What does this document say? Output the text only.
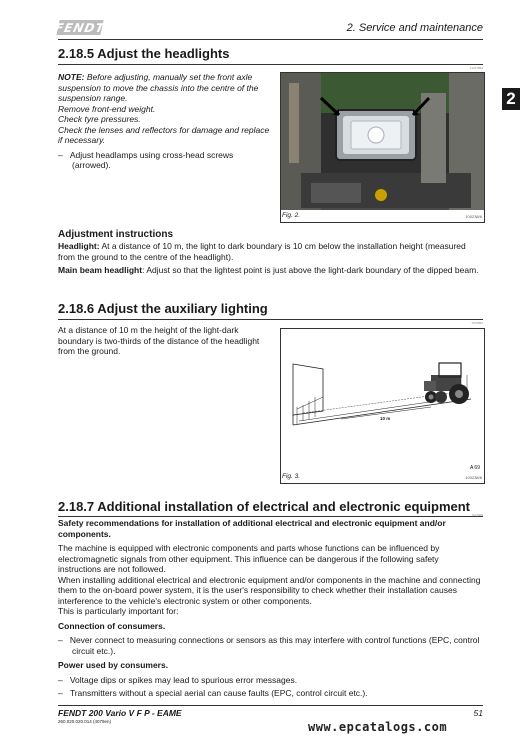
FENDT	2. Service and maintenance
2
2.18.5 Adjust the headlights
7107786a
NOTE: Before adjusting, manually set the front axle suspension to move the chassis into the centre of the suspension range.
Remove front-end weight.
Check tyre pressures.
Check the lenses and reflectors for damage and replace if necessary.
–   Adjust headlamps using cross-head screws (arrowed).
Fig. 2.	100238/6
Adjustment instructions
Headlight: At a distance of 10 m, the light to dark boundary is 10 cm below the installation height (measured from the ground to the centre of the headlight).
Main beam headlight: Adjust so that the lightest point is just above the light-dark boundary of the dipped beam.
2.18.6 Adjust the auxiliary lighting
7107862
At a distance of 10 m the height of the light-dark boundary is two-thirds of the distance of the headlight from the ground.
10 m
Fig. 3.
A 69
100238/8
2.18.7 Additional installation of electrical and electronic equipment
7107909
Safety recommendations for installation of additional electrical and electronic equipment and/or components.
The machine is equipped with electronic components and parts whose functions can be influenced by electromagnetic signals from other equipment. This influence can be dangerous if the following safety instructions are not followed.
When installing additional electrical and electronic equipment and/or components in the machine and connecting them to the on-board power system, it is the user's responsibility to check whether their installation causes interference to the vehicle's electronic system or other components.
This is particularly important for:
Connection of consumers.
–   Never connect to measuring connections or sensors as this may interfere with control functions (EPC, control circuit etc.).
Power used by consumers.
–   Voltage dips or spikes may lead to spurious error messages.
–   Transmitters without a special aerial can cause faults (EPC, control circuit etc.).
FENDT 200 Vario V F P - EAME
260.020.020.014 (4079en)
51
www.epcatalogs.com
